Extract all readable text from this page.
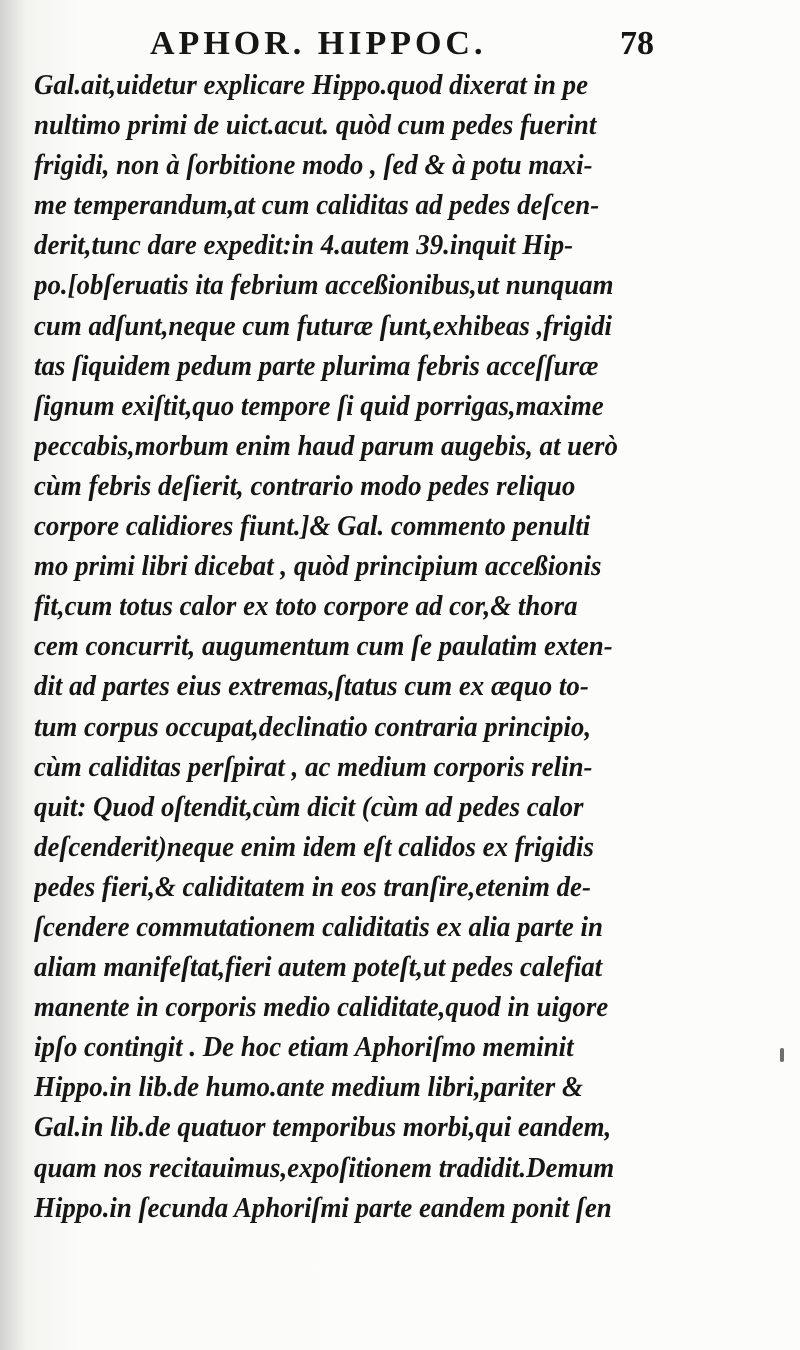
APHOR. HIPPOC.	78
Gal.ait,uidetur explicare Hippo.quod dixerat in pe
nultimo primi de uict.acut. quòd cum pedes fuerint
frigidi, non à ſorbitione modo , ſed & à potu maxi-
me temperandum,at cum caliditas ad pedes deſcen-
derit,tunc dare expedit:in 4.autem 39.inquit Hip-
po.[obſeruatis ita febrium acceßionibus,ut nunquam
cum adſunt,neque cum futuræ ſunt,exhibeas ,frigidi
tas ſiquidem pedum parte plurima febris acceſſuræ
ſignum exiſtit,quo tempore ſi quid porrigas,maxime
peccabis,morbum enim haud parum augebis, at uerò
cùm febris deſierit, contrario modo pedes reliquo
corpore calidiores fiunt.]& Gal. commento penulti
mo primi libri dicebat , quòd principium acceßionis
fit,cum totus calor ex toto corpore ad cor,& thora
cem concurrit, augumentum cum ſe paulatim exten-
dit ad partes eius extremas,ſtatus cum ex æquo to-
tum corpus occupat,declinatio contraria principio,
cùm caliditas perſpirat , ac medium corporis relin-
quit: Quod oſtendit,cùm dicit (cùm ad pedes calor
deſcenderit)neque enim idem eſt calidos ex frigidis
pedes fieri,& caliditatem in eos tranſire,etenim de-
ſcendere commutationem caliditatis ex alia parte in
aliam manifeſtat,fieri autem poteſt,ut pedes calefiat
manente in corporis medio caliditate,quod in uigore
ipſo contingit . De hoc etiam Aphoriſmo meminit
Hippo.in lib.de humo.ante medium libri,pariter &
Gal.in lib.de quatuor temporibus morbi,qui eandem,
quam nos recitauimus,expoſitionem tradidit.Demum
Hippo.in ſecunda Aphoriſmi parte eandem ponit ſen
